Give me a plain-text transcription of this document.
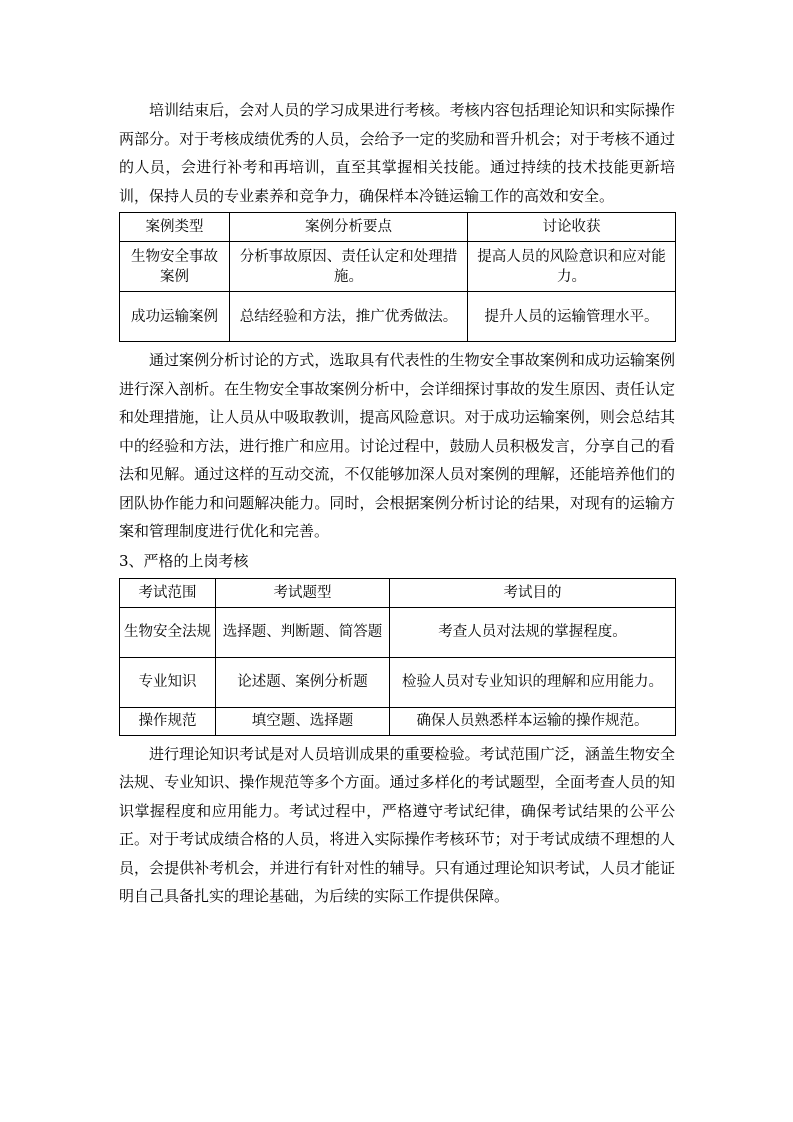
培训结束后，会对人员的学习成果进行考核。考核内容包括理论知识和实际操作两部分。对于考核成绩优秀的人员，会给予一定的奖励和晋升机会；对于考核不通过的人员，会进行补考和再培训，直至其掌握相关技能。通过持续的技术技能更新培训，保持人员的专业素养和竞争力，确保样本冷链运输工作的高效和安全。

案例类型	案例分析要点	讨论收获
生物安全事故案例	分析事故原因、责任认定和处理措施。	提高人员的风险意识和应对能力。
成功运输案例	总结经验和方法，推广优秀做法。	提升人员的运输管理水平。

通过案例分析讨论的方式，选取具有代表性的生物安全事故案例和成功运输案例进行深入剖析。在生物安全事故案例分析中，会详细探讨事故的发生原因、责任认定和处理措施，让人员从中吸取教训，提高风险意识。对于成功运输案例，则会总结其中的经验和方法，进行推广和应用。讨论过程中，鼓励人员积极发言，分享自己的看法和见解。通过这样的互动交流，不仅能够加深人员对案例的理解，还能培养他们的团队协作能力和问题解决能力。同时，会根据案例分析讨论的结果，对现有的运输方案和管理制度进行优化和完善。

3、严格的上岗考核

考试范围	考试题型	考试目的
生物安全法规	选择题、判断题、简答题	考查人员对法规的掌握程度。
专业知识	论述题、案例分析题	检验人员对专业知识的理解和应用能力。
操作规范	填空题、选择题	确保人员熟悉样本运输的操作规范。

进行理论知识考试是对人员培训成果的重要检验。考试范围广泛，涵盖生物安全法规、专业知识、操作规范等多个方面。通过多样化的考试题型，全面考查人员的知识掌握程度和应用能力。考试过程中，严格遵守考试纪律，确保考试结果的公平公正。对于考试成绩合格的人员，将进入实际操作考核环节；对于考试成绩不理想的人员，会提供补考机会，并进行有针对性的辅导。只有通过理论知识考试，人员才能证明自己具备扎实的理论基础，为后续的实际工作提供保障。
